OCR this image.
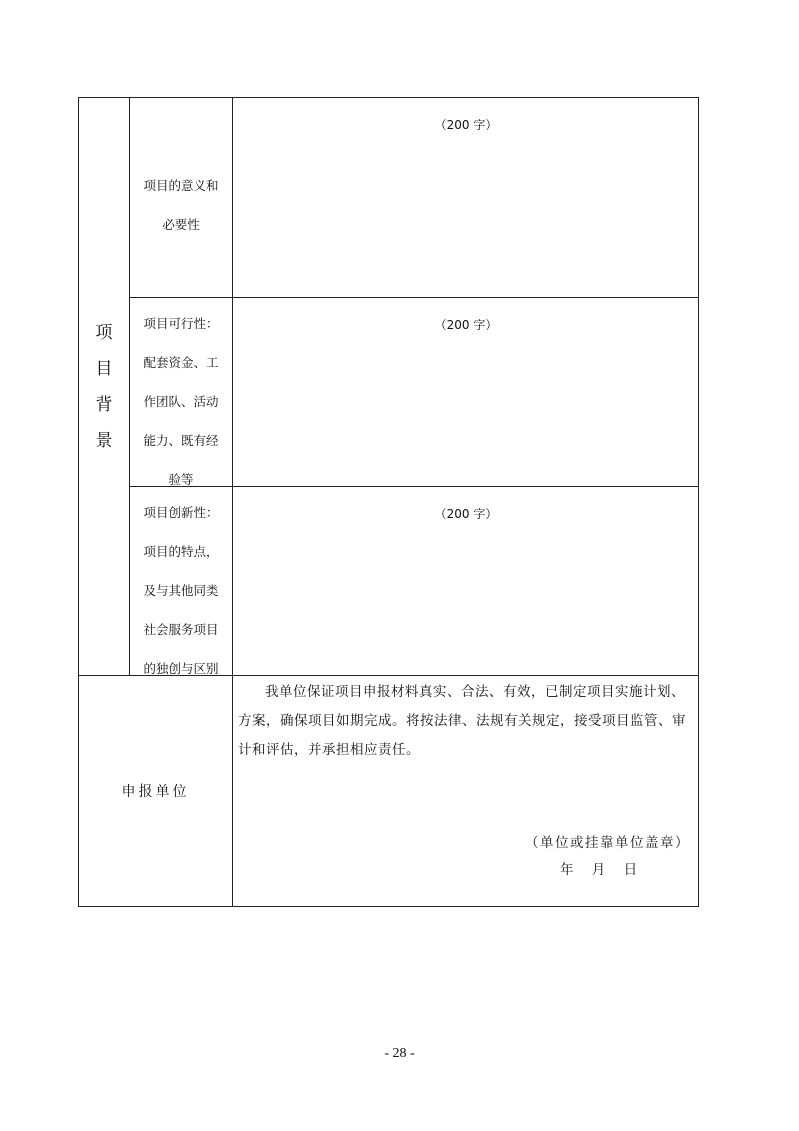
项
目
背
景
项目的意义和
必要性
（200 字）
项目可行性：
配套资金、工
作团队、活动
能力、既有经
验等
（200 字）
项目创新性：
项目的特点，
及与其他同类
社会服务项目
的独创与区别
（200 字）
申报单位
我单位保证项目申报材料真实、合法、有效，已制定项目实施计划、方案，确保项目如期完成。将按法律、法规有关规定，接受项目监管、审计和评估，并承担相应责任。
（单位或挂靠单位盖章）
年 月 日
- 28 -
